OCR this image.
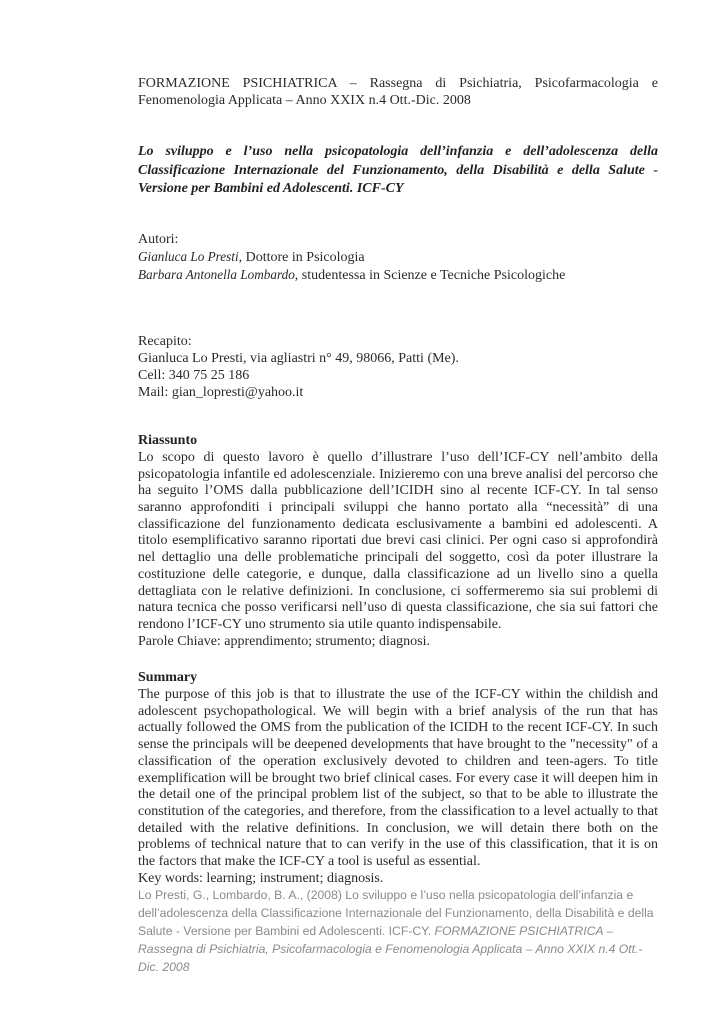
FORMAZIONE PSICHIATRICA – Rassegna di Psichiatria, Psicofarmacologia e
Fenomenologia Applicata – Anno XXIX n.4 Ott.-Dic. 2008
Lo sviluppo e l’uso nella psicopatologia dell’infanzia e dell’adolescenza della Classificazione Internazionale del Funzionamento, della Disabilità e della Salute - Versione per Bambini ed Adolescenti. ICF-CY
Autori:
Gianluca Lo Presti, Dottore in Psicologia
Barbara Antonella Lombardo, studentessa in Scienze e Tecniche Psicologiche
Recapito:
Gianluca Lo Presti, via agliastri n° 49, 98066, Patti (Me).
Cell: 340 75 25 186
Mail: gian_lopresti@yahoo.it
Riassunto
Lo scopo di questo lavoro è quello d’illustrare l’uso dell’ICF-CY nell’ambito della psicopatologia infantile ed adolescenziale. Inizieremo con una breve analisi del percorso che ha seguito l’OMS dalla pubblicazione dell’ICIDH sino al recente ICF-CY. In tal senso saranno approfonditi i principali sviluppi che hanno portato alla “necessità” di una classificazione del funzionamento dedicata esclusivamente a bambini ed adolescenti. A titolo esemplificativo saranno riportati due brevi casi clinici. Per ogni caso si approfondirà nel dettaglio una delle problematiche principali del soggetto, così da poter illustrare la costituzione delle categorie, e dunque, dalla classificazione ad un livello sino a quella dettagliata con le relative definizioni. In conclusione, ci soffermeremo sia sui problemi di natura tecnica che posso verificarsi nell’uso di questa classificazione, che sia sui fattori che rendono l’ICF-CY uno strumento sia utile quanto indispensabile.
Parole Chiave: apprendimento; strumento; diagnosi.
Summary
The purpose of this job is that to illustrate the use of the ICF-CY within the childish and adolescent psychopathological. We will begin with a brief analysis of the run that has actually followed the OMS from the publication of the ICIDH to the recent ICF-CY. In such sense the principals will be deepened developments that have brought to the "necessity" of a classification of the operation exclusively devoted to children and teen-agers. To title exemplification will be brought two brief clinical cases. For every case it will deepen him in the detail one of the principal problem list of the subject, so that to be able to illustrate the constitution of the categories, and therefore, from the classification to a level actually to that detailed with the relative definitions. In conclusion, we will detain there both on the problems of technical nature that to can verify in the use of this classification, that it is on the factors that make the ICF-CY a tool is useful as essential.
Key words: learning; instrument; diagnosis.
Lo Presti, G., Lombardo, B. A., (2008) Lo sviluppo e l’uso nella psicopatologia dell’infanzia e dell’adolescenza della Classificazione Internazionale del Funzionamento, della Disabilità e della Salute - Versione per Bambini ed Adolescenti. ICF-CY. FORMAZIONE PSICHIATRICA – Rassegna di Psichiatria, Psicofarmacologia e Fenomenologia Applicata – Anno XXIX n.4 Ott.-Dic. 2008
